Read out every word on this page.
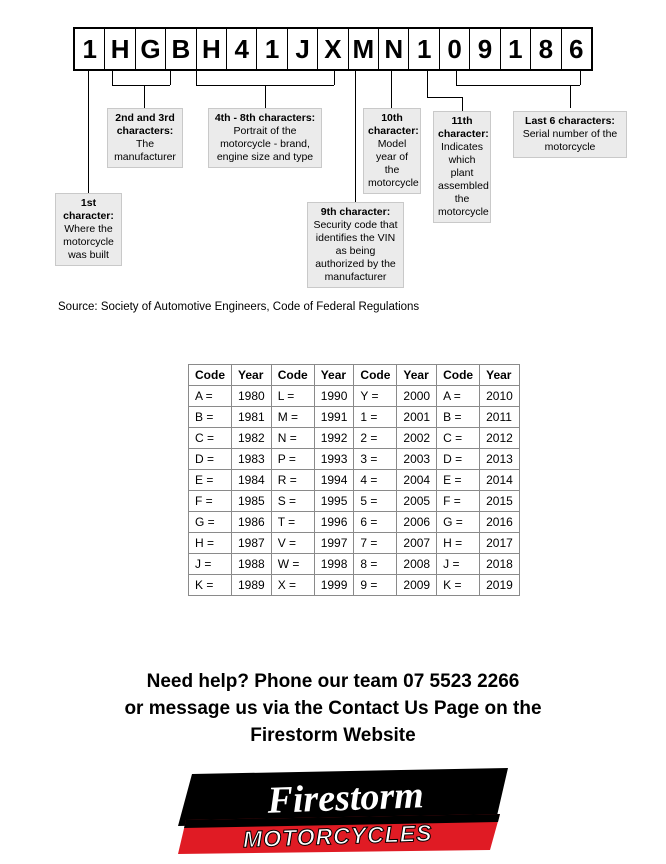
1 H G B H 4 1 J X M N 1 0 9 1 8 6
1st character: Where the motorcycle was built
2nd and 3rd characters: The manufacturer
4th - 8th characters: Portrait of the motorcycle - brand, engine size and type
9th character: Security code that identifies the VIN as being authorized by the manufacturer
10th character: Model year of the motorcycle
11th character: Indicates which plant assembled the motorcycle
Last 6 characters: Serial number of the motorcycle
Source: Society of Automotive Engineers, Code of Federal Regulations
Code	Year	Code	Year	Code	Year	Code	Year
A =	1980	L =	1990	Y =	2000	A =	2010
B =	1981	M =	1991	1 =	2001	B =	2011
C =	1982	N =	1992	2 =	2002	C =	2012
D =	1983	P =	1993	3 =	2003	D =	2013
E =	1984	R =	1994	4 =	2004	E =	2014
F =	1985	S =	1995	5 =	2005	F =	2015
G =	1986	T =	1996	6 =	2006	G =	2016
H =	1987	V =	1997	7 =	2007	H =	2017
J =	1988	W =	1998	8 =	2008	J =	2018
K =	1989	X =	1999	9 =	2009	K =	2019
Need help? Phone our team 07 5523 2266
or message us via the Contact Us Page on the
Firestorm Website
Firestorm
MOTORCYCLES
